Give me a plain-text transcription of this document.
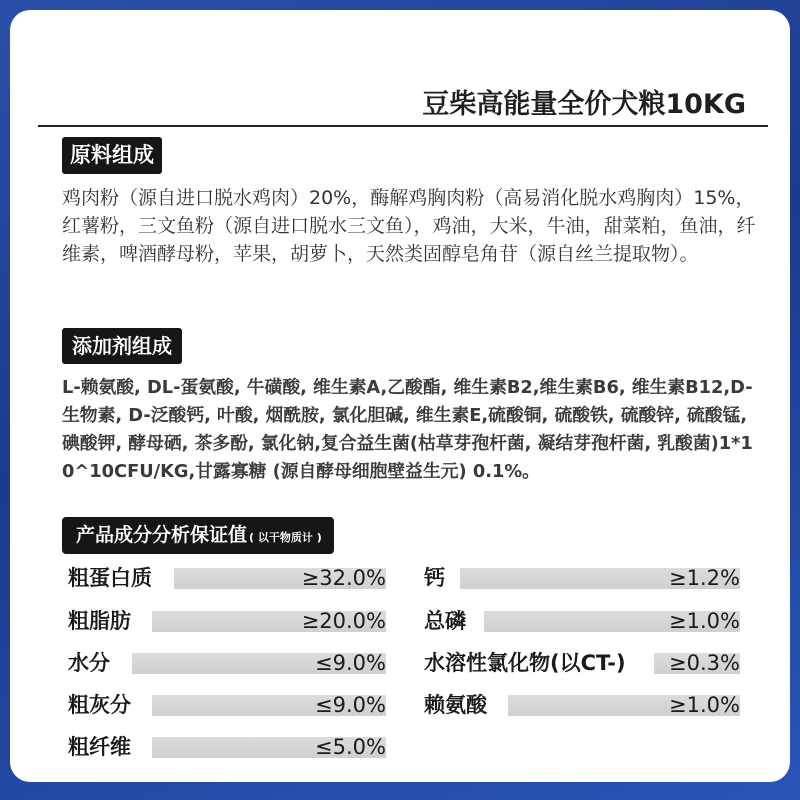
豆柴高能量全价犬粮10KG
原料组成

鸡肉粉（源自进口脱水鸡肉）20%，酶解鸡胸肉粉（高易消化脱水鸡胸肉）15%，红薯粉，三文鱼粉（源自进口脱水三文鱼），鸡油，大米，牛油，甜菜粕，鱼油，纤维素，啤酒酵母粉，苹果，胡萝卜，天然类固醇皂角苷（源自丝兰提取物）。

添加剂组成

L-赖氨酸, DL-蛋氨酸, 牛磺酸, 维生素A,乙酸酯, 维生素B2,维生素B6, 维生素B12,D-生物素, D-泛酸钙, 叶酸, 烟酰胺, 氯化胆碱, 维生素E,硫酸铜, 硫酸铁, 硫酸锌, 硫酸锰, 碘酸钾, 酵母硒, 茶多酚, 氯化钠,复合益生菌(枯草芽孢杆菌, 凝结芽孢杆菌, 乳酸菌)1*10^10CFU/KG,甘露寡糖 (源自酵母细胞壁益生元) 0.1%。

产品成分分析保证值 ( 以干物质计 )
粗蛋白质	≥32.0%
粗脂肪	≥20.0%
水分	≤9.0%
粗灰分	≤9.0%
粗纤维	≤5.0%
钙	≥1.2%
总磷	≥1.0%
水溶性氯化物(以CT-) ≥0.3%
赖氨酸	≥1.0%
